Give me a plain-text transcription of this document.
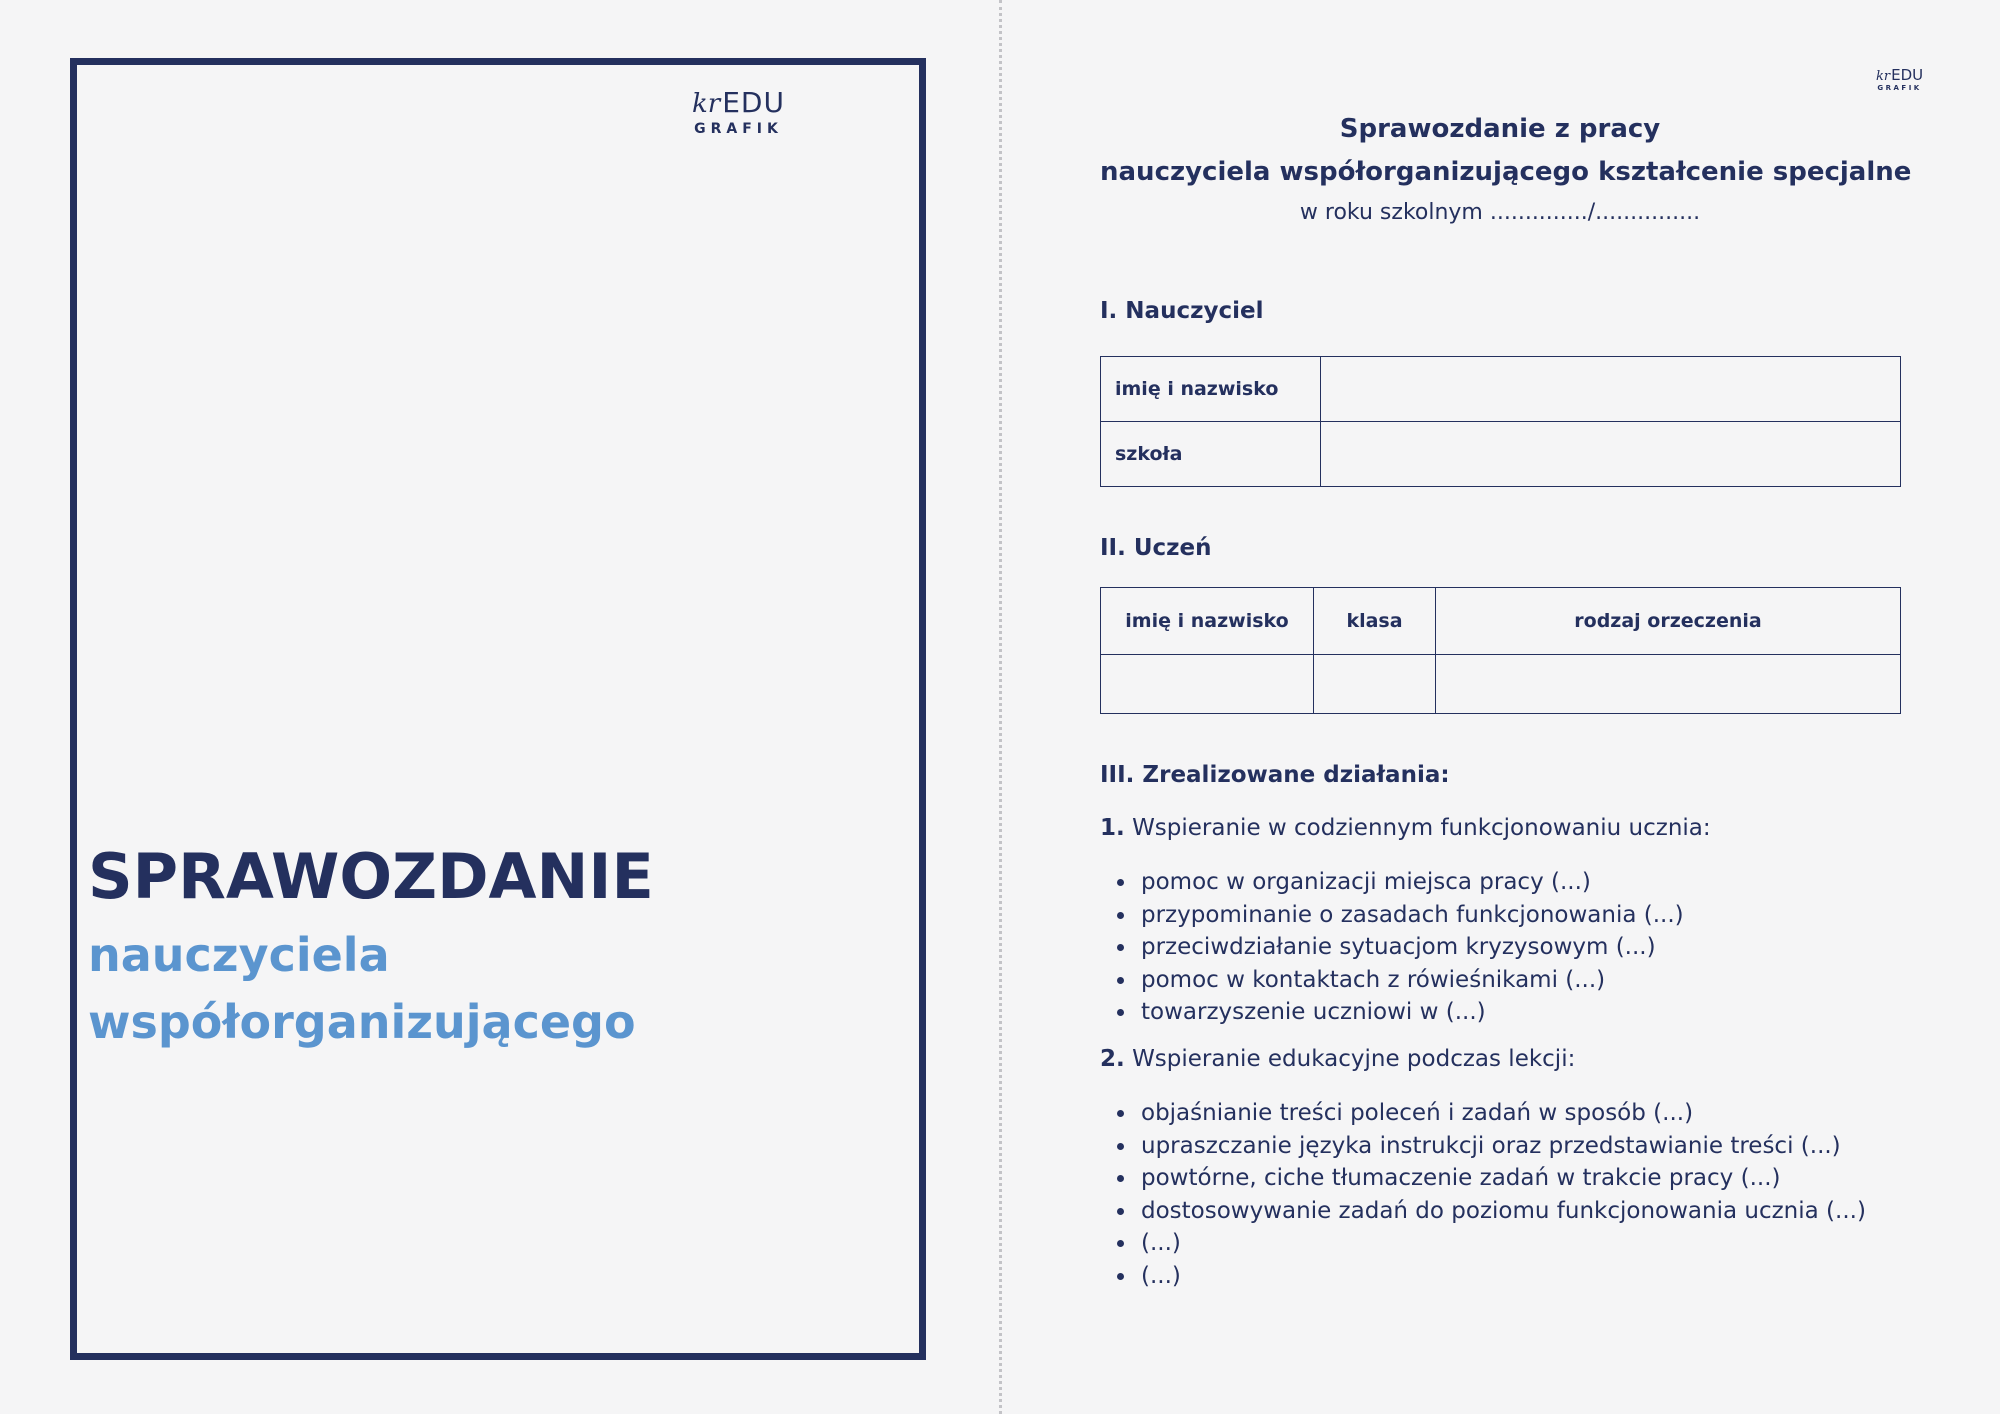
kr EDU
GRAFIK
SPRAWOZDANIE
nauczyciela
współorganizującego
kr EDU
GRAFIK
Sprawozdanie z pracy
nauczyciela współorganizującego kształcenie specjalne
w roku szkolnym ............../...............
I. Nauczyciel
imię i nazwisko	
szkoła	
II. Uczeń
imię i nazwisko	klasa	rodzaj orzeczenia

III. Zrealizowane działania:
1. Wspieranie w codziennym funkcjonowaniu ucznia:
pomoc w organizacji miejsca pracy (...)
przypominanie o zasadach funkcjonowania (...)
przeciwdziałanie sytuacjom kryzysowym (...)
pomoc w kontaktach z rówieśnikami (...)
towarzyszenie uczniowi w (...)
2. Wspieranie edukacyjne podczas lekcji:
objaśnianie treści poleceń i zadań w sposób (...)
upraszczanie języka instrukcji oraz przedstawianie treści (...)
powtórne, ciche tłumaczenie zadań w trakcie pracy (...)
dostosowywanie zadań do poziomu funkcjonowania ucznia (...)
(...)
(...)
